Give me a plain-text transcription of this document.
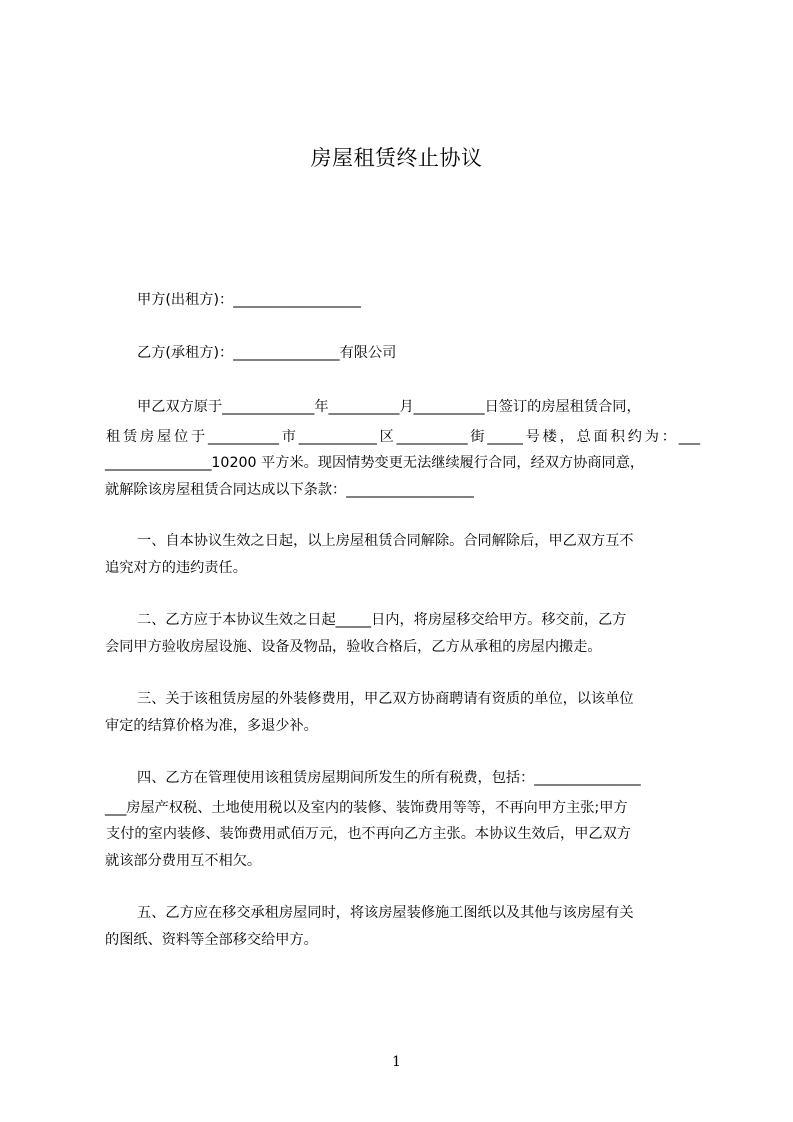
房屋租赁终止协议
甲方(出租方)：__________________
乙方(承租方)：_______________有限公司
甲乙双方原于_____________年__________月__________日签订的房屋租赁合同，
租赁房屋位于__________市___________区__________街_____号楼，总面积约为：___
_______________10200 平方米。现因情势变更无法继续履行合同，经双方协商同意，
就解除该房屋租赁合同达成以下条款：__________________
一、自本协议生效之日起，以上房屋租赁合同解除。合同解除后，甲乙双方互不
追究对方的违约责任。
二、乙方应于本协议生效之日起_____日内，将房屋移交给甲方。移交前，乙方
会同甲方验收房屋设施、设备及物品，验收合格后，乙方从承租的房屋内搬走。
三、关于该租赁房屋的外装修费用，甲乙双方协商聘请有资质的单位，以该单位
审定的结算价格为准，多退少补。
四、乙方在管理使用该租赁房屋期间所发生的所有税费，包括：_______________
___房屋产权税、土地使用税以及室内的装修、装饰费用等等，不再向甲方主张;甲方
支付的室内装修、装饰费用贰佰万元，也不再向乙方主张。本协议生效后，甲乙双方
就该部分费用互不相欠。
五、乙方应在移交承租房屋同时，将该房屋装修施工图纸以及其他与该房屋有关
的图纸、资料等全部移交给甲方。
1
